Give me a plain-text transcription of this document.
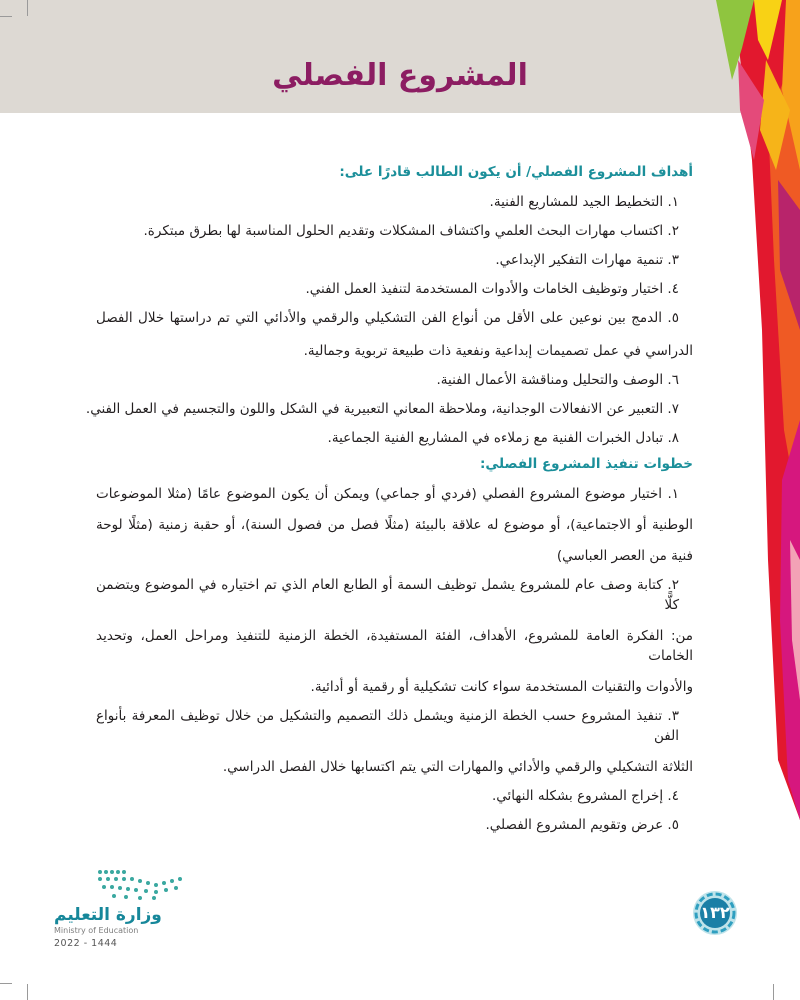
المشروع الفصلي
أهداف المشروع الفصلي/ أن يكون الطالب قادرًا على:
١. التخطيط الجيد للمشاريع الفنية.
٢. اكتساب مهارات البحث العلمي واكتشاف المشكلات وتقديم الحلول المناسبة لها بطرق مبتكرة.
٣. تنمية مهارات التفكير الإبداعي.
٤. اختيار وتوظيف الخامات والأدوات المستخدمة لتنفيذ العمل الفني.
٥. الدمج بين نوعين على الأقل من أنواع الفن التشكيلي والرقمي والأدائي التي تم دراستها خلال الفصل
الدراسي في عمل تصميمات إبداعية ونفعية ذات طبيعة تربوية وجمالية.
٦. الوصف والتحليل ومناقشة الأعمال الفنية.
٧. التعبير عن الانفعالات الوجدانية، وملاحظة المعاني التعبيرية في الشكل واللون والتجسيم في العمل الفني.
٨. تبادل الخبرات الفنية مع زملاءه في المشاريع الفنية الجماعية.
خطوات تنفيذ المشروع الفصلي:
١. اختيار موضوع المشروع الفصلي (فردي أو جماعي) ويمكن أن يكون الموضوع عامًا (مثلا الموضوعات
الوطنية أو الاجتماعية)، أو موضوع له علاقة بالبيئة (مثلًا فصل من فصول السنة)، أو حقبة زمنية (مثلًا لوحة
فنية من العصر العباسي)
٢. كتابة وصف عام للمشروع يشمل توظيف السمة أو الطابع العام الذي تم اختياره في الموضوع ويتضمن كلًّا
من: الفكرة العامة للمشروع، الأهداف، الفئة المستفيدة، الخطة الزمنية للتنفيذ ومراحل العمل، وتحديد الخامات
والأدوات والتقنيات المستخدمة سواء كانت تشكيلية أو رقمية أو أدائية.
٣. تنفيذ المشروع حسب الخطة الزمنية ويشمل ذلك التصميم والتشكيل من خلال توظيف المعرفة بأنواع الفن
الثلاثة التشكيلي والرقمي والأدائي والمهارات التي يتم اكتسابها خلال الفصل الدراسي.
٤. إخراج المشروع بشكله النهائي.
٥. عرض وتقويم المشروع الفصلي.
١٣٢
وزارة التعليم
Ministry of Education
2022 - 1444
